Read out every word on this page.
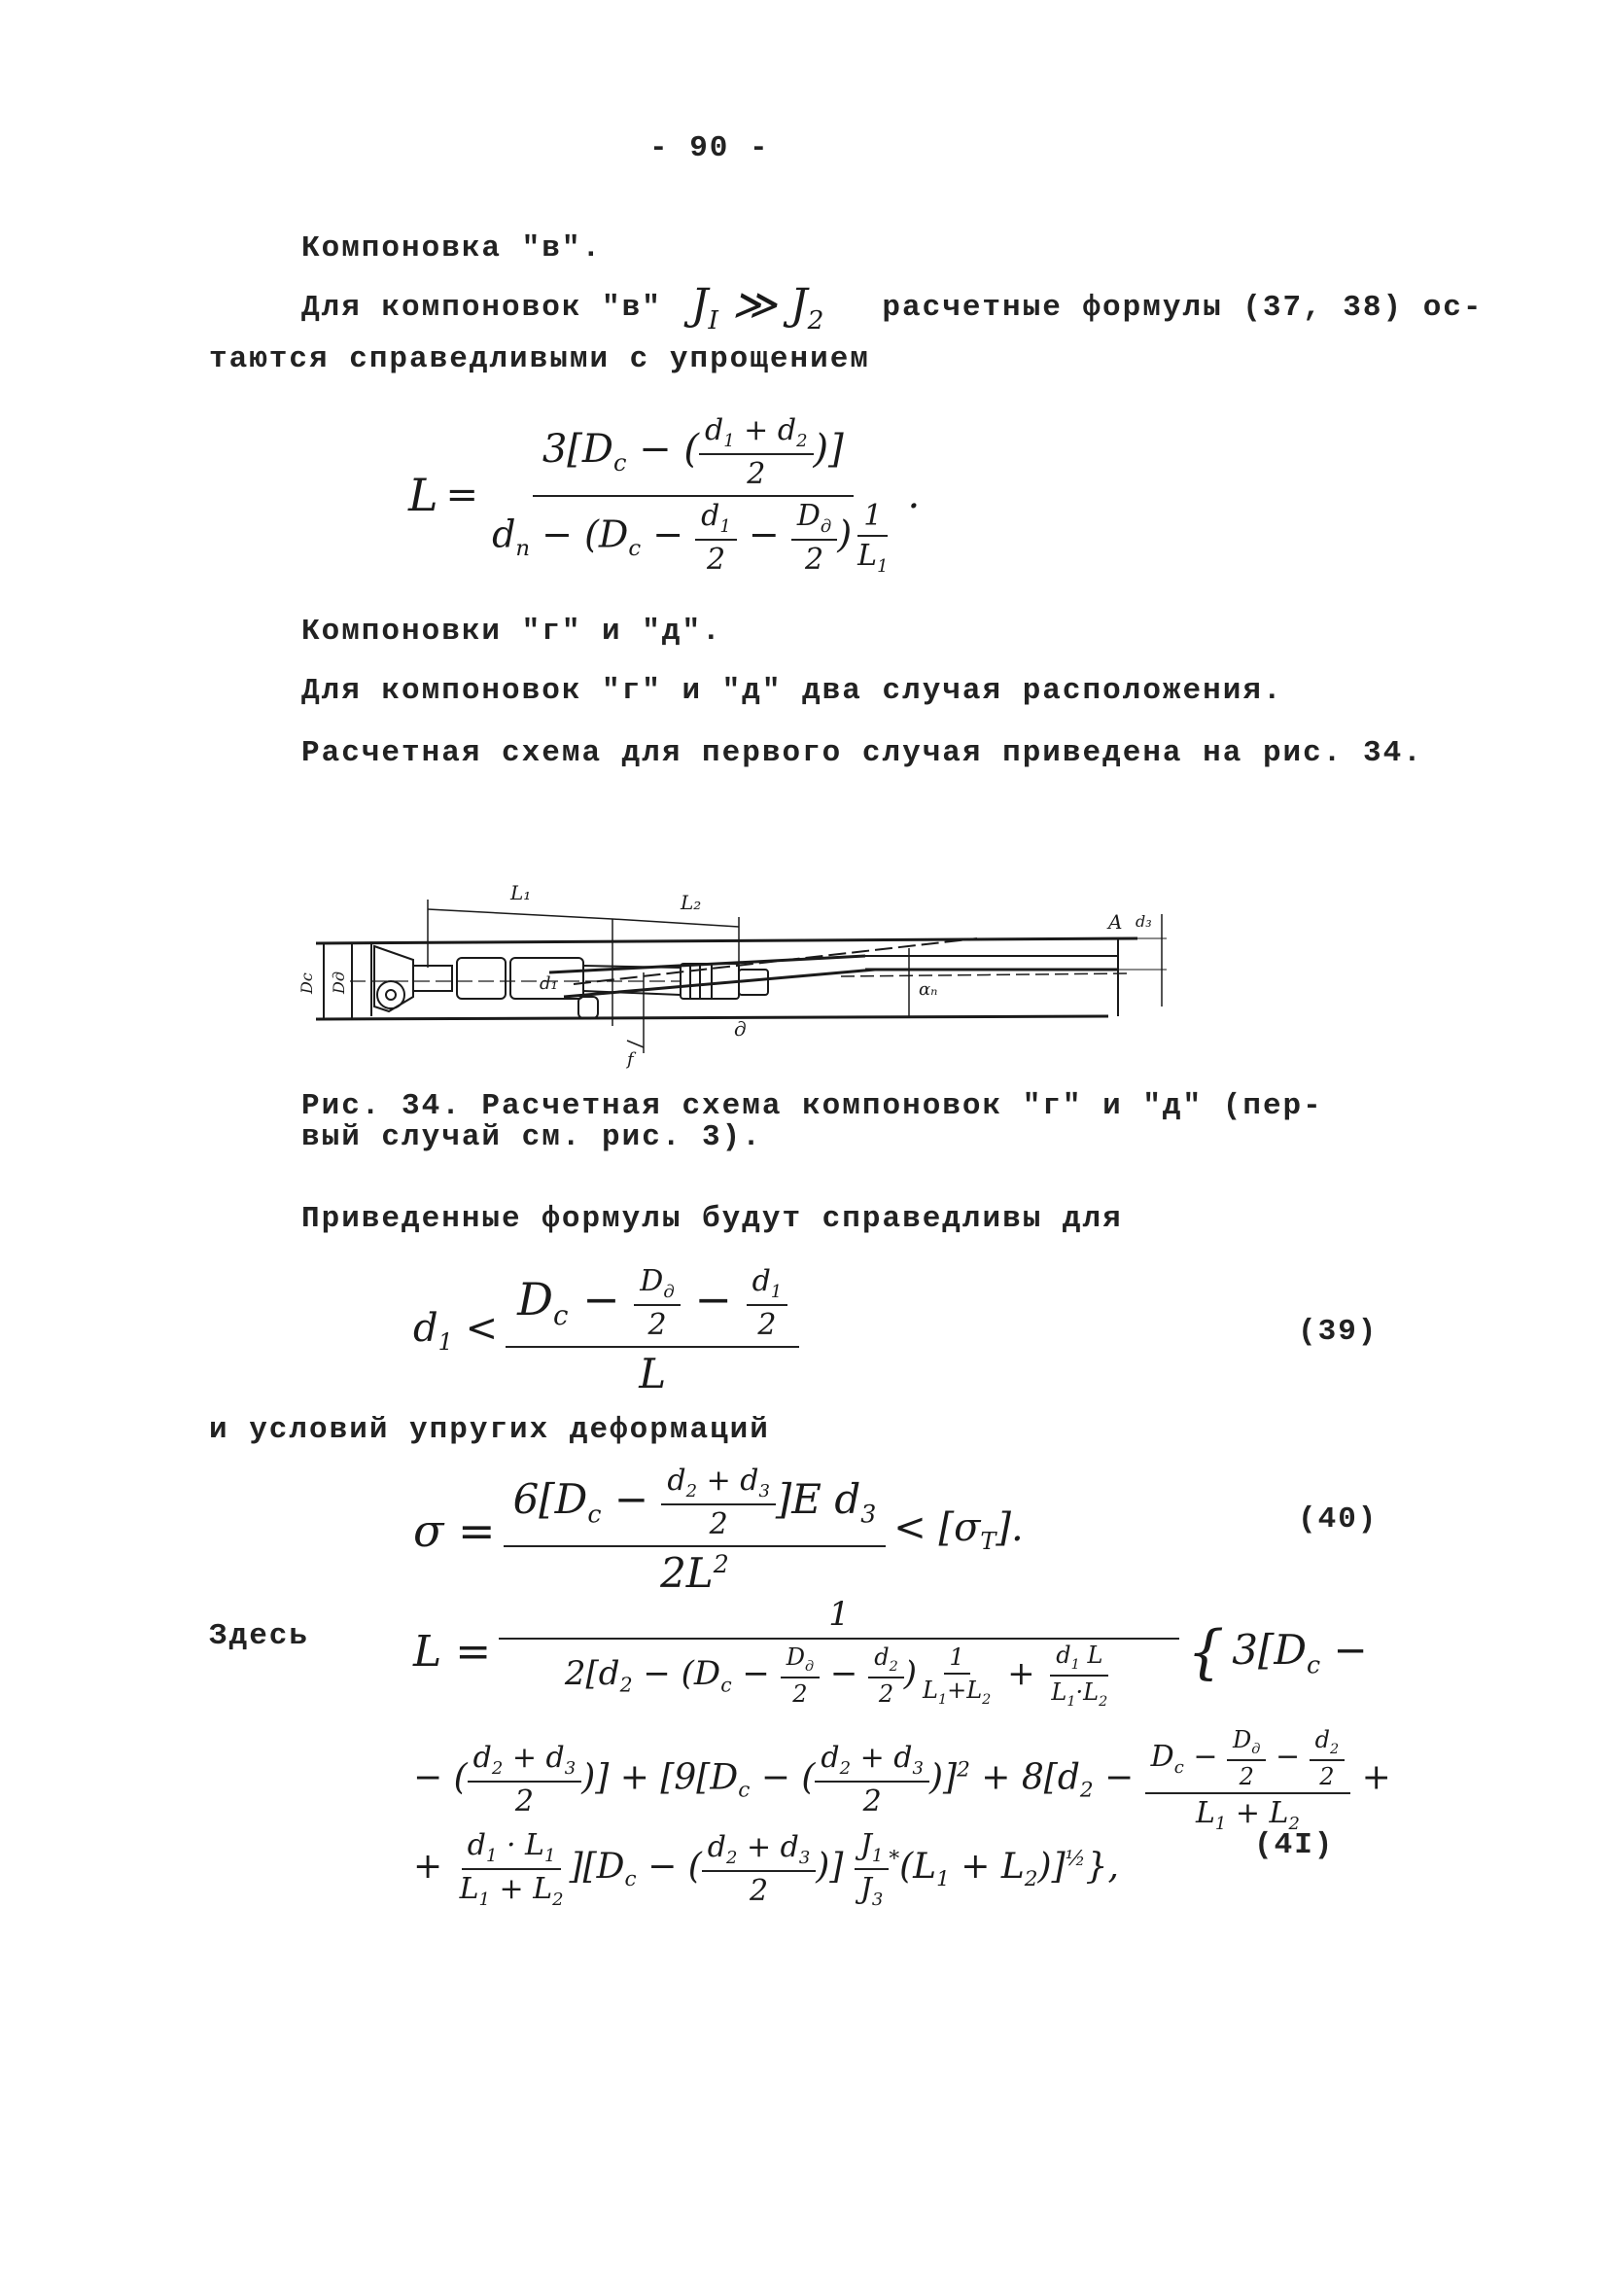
- 90 -
Компоновка "в".
Для компоновок "в" $J_I$ ≫ $J_2$ расчетные формулы (37, 38) ос-
таются справедливыми с упрощением
$L = \frac{3[D_c - ( \frac{d_1 + d_2}{2} )]}{d_n - (D_c - \frac{d_1}{2} - \frac{D_д}{2} ) \frac{1}{L_1}}$ .
Компоновки "г" и "д".
Для компоновок "г" и "д" два случая расположения.
Расчетная схема для первого случая приведена на рис. 34.
L₁	L₂
Dc Dд	d₁
f
д
αₙ
A d₃
Рис. 34. Расчетная схема компоновок "г" и "д" (пер-
вый случай см. рис. 3).
Приведенные формулы будут справедливы для
$d_1 < \frac{D_c - \frac{D_д}{2} - \frac{d_1}{2}}{L}$	(39)
и условий упругих деформаций
$\sigma = \frac{6[D_c - \frac{d_2 + d_3}{2} ]E d_3}{2L^2} < [\sigma_T]$.	(40)
Здесь $L = \frac{1}{2[d_2 - (D_c - \frac{D_д}{2} - \frac{d_2}{2} ) \frac{1}{L_1+L_2} + \frac{d_1 L}{L_1\cdot L_2}}$ { $3[D_c$ −
− ( $\frac{d_2 + d_3}{2}$ )] + [$9[D_c$ − ( $\frac{d_2 + d_3}{2} )]^2 + 8[d_2 - \frac{D_c - \frac{D_д}{2} - \frac{d_2}{2}}{L_1 + L_2}$ +
+ $\frac{d_1 \cdot L_1}{L_1 + L_2} ][D_c$ − ( $\frac{d_2 + d_3}{2}$ )] $\frac{J_1}{J_3} ^*(L_1 + L_2)]^{\frac{1}{2}}$},
(4I)
